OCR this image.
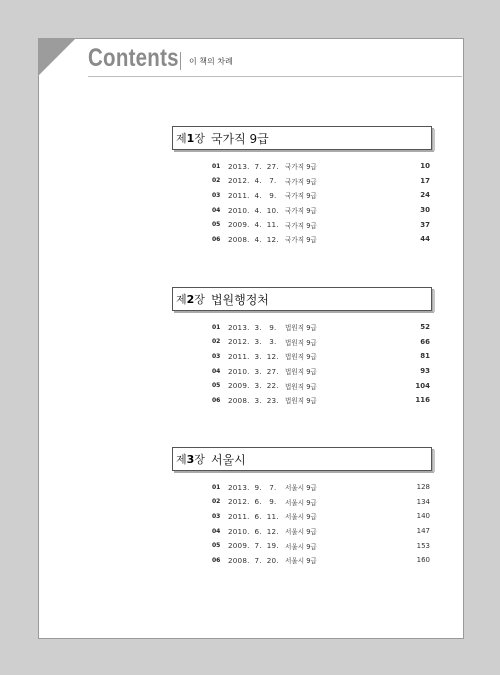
Contents 이 책의 차례
제1장 국가직 9급
01 2013.  7.  27. 국가직 9급	10
02 2012.  4.   7. 국가직 9급	17
03 2011.  4.   9. 국가직 9급	24
04 2010.  4.  10. 국가직 9급	30
05 2009.  4.  11. 국가직 9급	37
06 2008.  4.  12. 국가직 9급	44
제2장 법원행정처
01 2013.  3.   9. 법원직 9급	52
02 2012.  3.   3. 법원직 9급	66
03 2011.  3.  12. 법원직 9급	81
04 2010.  3.  27. 법원직 9급	93
05 2009.  3.  22. 법원직 9급	104
06 2008.  3.  23. 법원직 9급	116
제3장 서울시
01 2013.  9.   7. 서울시 9급	128
02 2012.  6.   9. 서울시 9급	134
03 2011.  6.  11. 서울시 9급	140
04 2010.  6.  12. 서울시 9급	147
05 2009.  7.  19. 서울시 9급	153
06 2008.  7.  20. 서울시 9급	160
